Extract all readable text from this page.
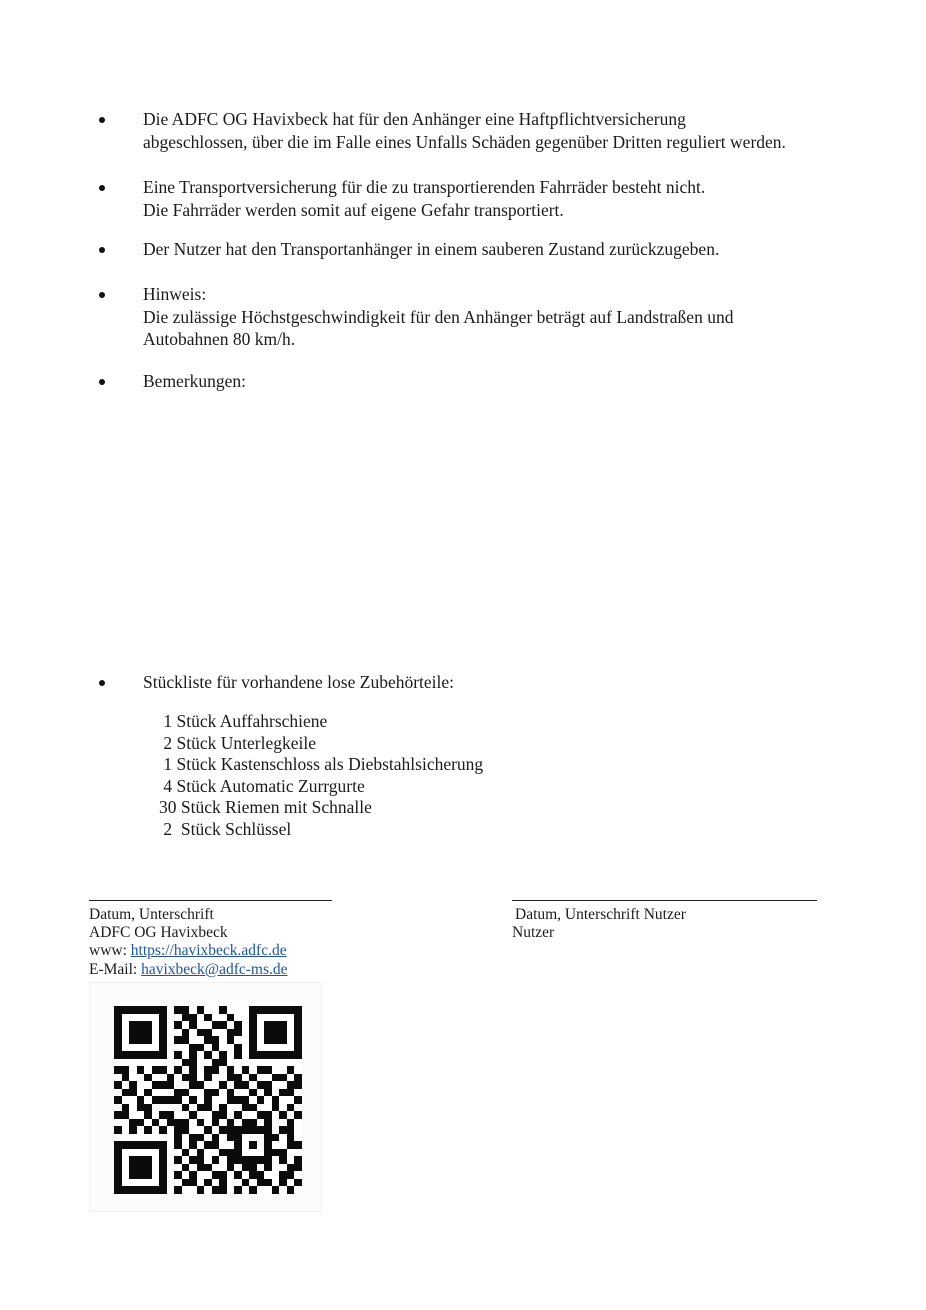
Die ADFC OG Havixbeck hat für den Anhänger eine Haftpflichtversicherung
abgeschlossen, über die im Falle eines Unfalls Schäden gegenüber Dritten reguliert werden.
Eine Transportversicherung für die zu transportierenden Fahrräder besteht nicht.
Die Fahrräder werden somit auf eigene Gefahr transportiert.
Der Nutzer hat den Transportanhänger in einem sauberen Zustand zurückzugeben.
Hinweis:
Die zulässige Höchstgeschwindigkeit für den Anhänger beträgt auf Landstraßen und
Autobahnen 80 km/h.
Bemerkungen:
Stückliste für vorhandene lose Zubehörteile:
1 Stück Auffahrschiene
2 Stück Unterlegkeile
1 Stück Kastenschloss als Diebstahlsicherung
4 Stück Automatic Zurrgurte
30 Stück Riemen mit Schnalle
2  Stück Schlüssel
Datum, Unterschrift
ADFC OG Havixbeck
www: https://havixbeck.adfc.de
E-Mail: havixbeck@adfc-ms.de
Datum, Unterschrift Nutzer
Nutzer
